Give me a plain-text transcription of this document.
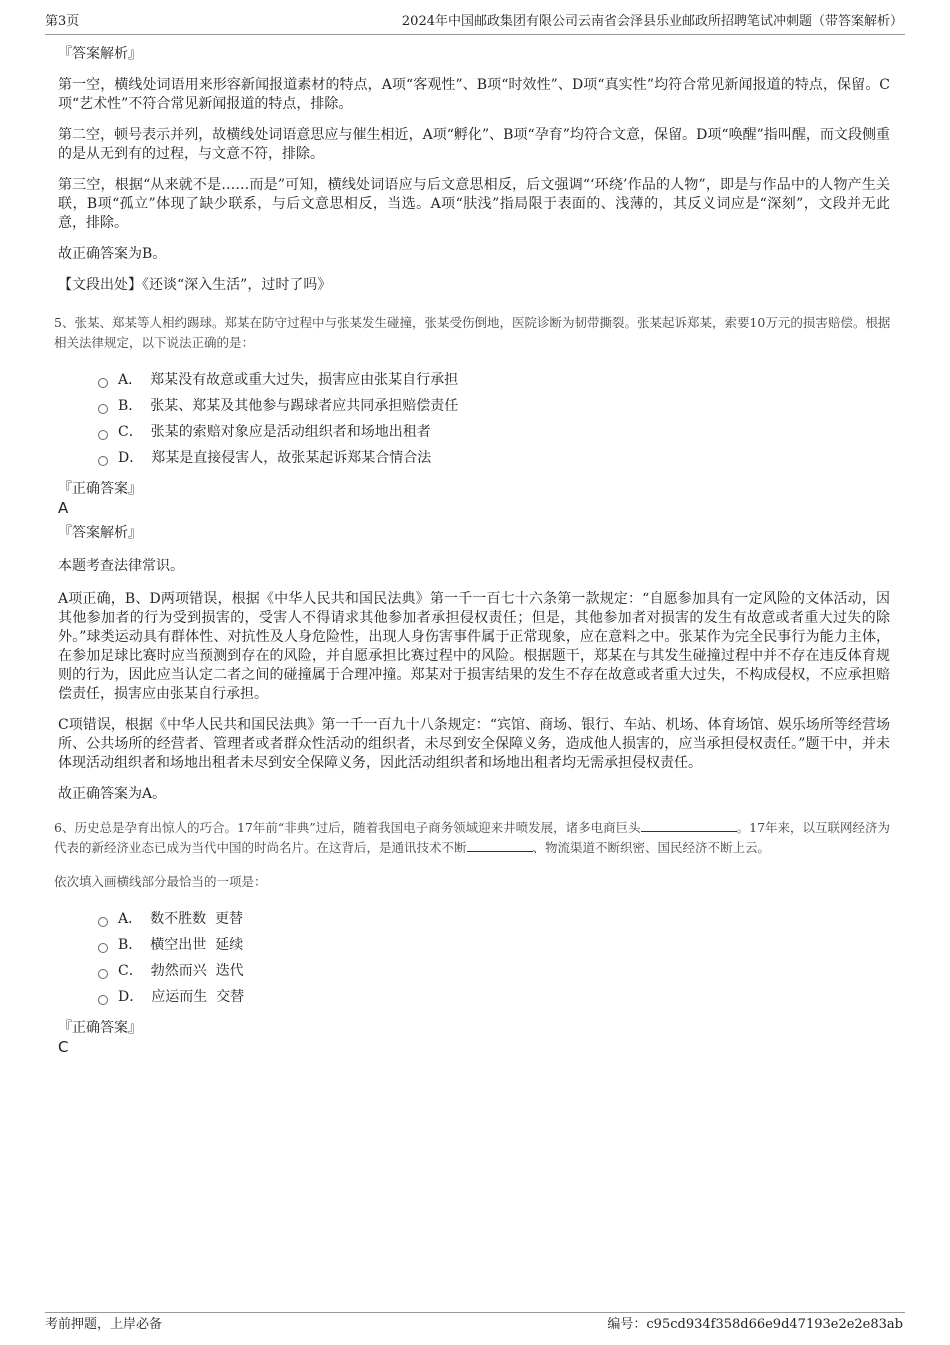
第3页	2024年中国邮政集团有限公司云南省会泽县乐业邮政所招聘笔试冲刺题（带答案解析）
『答案解析』

第一空，横线处词语用来形容新闻报道素材的特点，A项“客观性”、B项“时效性”、D项“真实性”均符合常见新闻报道的特点，保留。C项“艺术性”不符合常见新闻报道的特点，排除。

第二空，顿号表示并列，故横线处词语意思应与催生相近，A项“孵化”、B项“孕育”均符合文意，保留。D项“唤醒”指叫醒，而文段侧重的是从无到有的过程，与文意不符，排除。

第三空，根据“从来就不是……而是”可知，横线处词语应与后文意思相反，后文强调“‘环绕’作品的人物”，即是与作品中的人物产生关联，B项“孤立”体现了缺少联系，与后文意思相反，当选。A项“肤浅”指局限于表面的、浅薄的，其反义词应是“深刻”，文段并无此意，排除。

故正确答案为B。

【文段出处】《还谈“深入生活”，过时了吗》

5、张某、郑某等人相约踢球。郑某在防守过程中与张某发生碰撞，张某受伤倒地，医院诊断为韧带撕裂。张某起诉郑某，索要10万元的损害赔偿。根据相关法律规定，以下说法正确的是：

A． 郑某没有故意或重大过失，损害应由张某自行承担
B． 张某、郑某及其他参与踢球者应共同承担赔偿责任
C． 张某的索赔对象应是活动组织者和场地出租者
D． 郑某是直接侵害人，故张某起诉郑某合情合法
『正确答案』
A
『答案解析』

本题考查法律常识。

A项正确，B、D两项错误，根据《中华人民共和国民法典》第一千一百七十六条第一款规定：“自愿参加具有一定风险的文体活动，因其他参加者的行为受到损害的，受害人不得请求其他参加者承担侵权责任；但是，其他参加者对损害的发生有故意或者重大过失的除外。”球类运动具有群体性、对抗性及人身危险性，出现人身伤害事件属于正常现象，应在意料之中。张某作为完全民事行为能力主体，在参加足球比赛时应当预测到存在的风险，并自愿承担比赛过程中的风险。根据题干，郑某在与其发生碰撞过程中并不存在违反体育规则的行为，因此应当认定二者之间的碰撞属于合理冲撞。郑某对于损害结果的发生不存在故意或者重大过失，不构成侵权，不应承担赔偿责任，损害应由张某自行承担。

C项错误，根据《中华人民共和国民法典》第一千一百九十八条规定：“宾馆、商场、银行、车站、机场、体育场馆、娱乐场所等经营场所、公共场所的经营者、管理者或者群众性活动的组织者，未尽到安全保障义务，造成他人损害的，应当承担侵权责任。”题干中，并未体现活动组织者和场地出租者未尽到安全保障义务，因此活动组织者和场地出租者均无需承担侵权责任。

故正确答案为A。

6、历史总是孕育出惊人的巧合。17年前“非典”过后，随着我国电子商务领域迎来井喷发展，诸多电商巨头	。17年来，以互联网经济为代表的新经济业态已成为当代中国的时尚名片。在这背后，是通讯技术不断	、物流渠道不断织密、国民经济不断上云。

依次填入画横线部分最恰当的一项是：

A． 数不胜数  更替
B． 横空出世  延续
C． 勃然而兴  迭代
D． 应运而生  交替
『正确答案』
C
考前押题，上岸必备	编号：c95cd934f358d66e9d47193e2e2e83ab
